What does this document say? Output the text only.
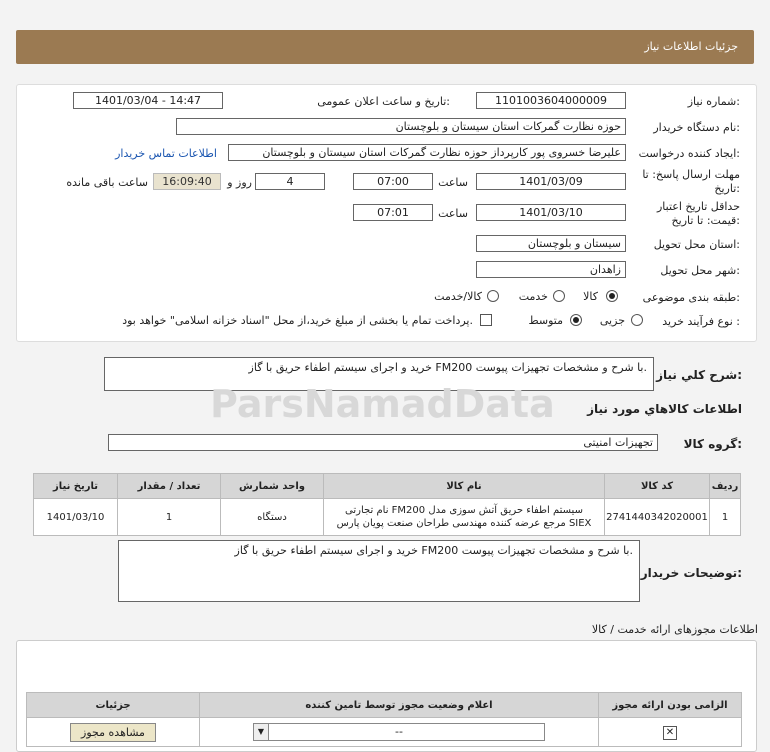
جزئیات اطلاعات نیاز
شماره نیاز:
1101003604000009
تاریخ و ساعت اعلان عمومی:
1401/03/04 - 14:47
نام دستگاه خریدار:
حوزه نظارت گمرکات استان سیستان و بلوچستان
ایجاد کننده درخواست:
علیرضا خسروی پور کارپرداز حوزه نظارت گمرکات استان سیستان و بلوچستان
اطلاعات تماس خریدار
مهلت ارسال پاسخ: تا
تاریخ:
1401/03/09
ساعت
07:00
4
روز و
16:09:40
ساعت باقی مانده
حداقل تاریخ اعتبار
قیمت: تا تاریخ:
1401/03/10
ساعت
07:01
استان محل تحویل:
سیستان و بلوچستان
شهر محل تحویل:
زاهدان
طبقه بندی موضوعی:
کالا
خدمت
کالا/خدمت
نوع فرآیند خرید :
جزیی
متوسط
پرداخت تمام یا بخشی از مبلغ خرید،از محل "اسناد خزانه اسلامی" خواهد بود.
شرح کلي نياز:
خرید و اجرای سیستم اطفاء حریق با گاز FM200 با شرح و مشخصات تجهیزات پیوست.
اطلاعات کالاهاي مورد نياز
گروه کالا:
تجهیزات امنیتی
ParsNamadData
ردیف	کد کالا	نام کالا	واحد شمارش	تعداد / مقدار	تاریخ نیاز
1	2741440342020001	سیستم اطفاء حریق آتش سوزی مدل FM200 نام تجارتی
SIEX مرجع عرضه کننده مهندسی طراحان صنعت پویان پارس	دستگاه	1	1401/03/10
توضیحات خریدار:
خرید و اجرای سیستم اطفاء حریق با گاز FM200 با شرح و مشخصات تجهیزات پیوست.
اطلاعات مجوزهای ارائه خدمت / کالا
الزامی بودن ارائه مجوز	اعلام وضعیت مجوز توسط تامین کننده	جزئیات
✕	▼ --	مشاهده مجوز
